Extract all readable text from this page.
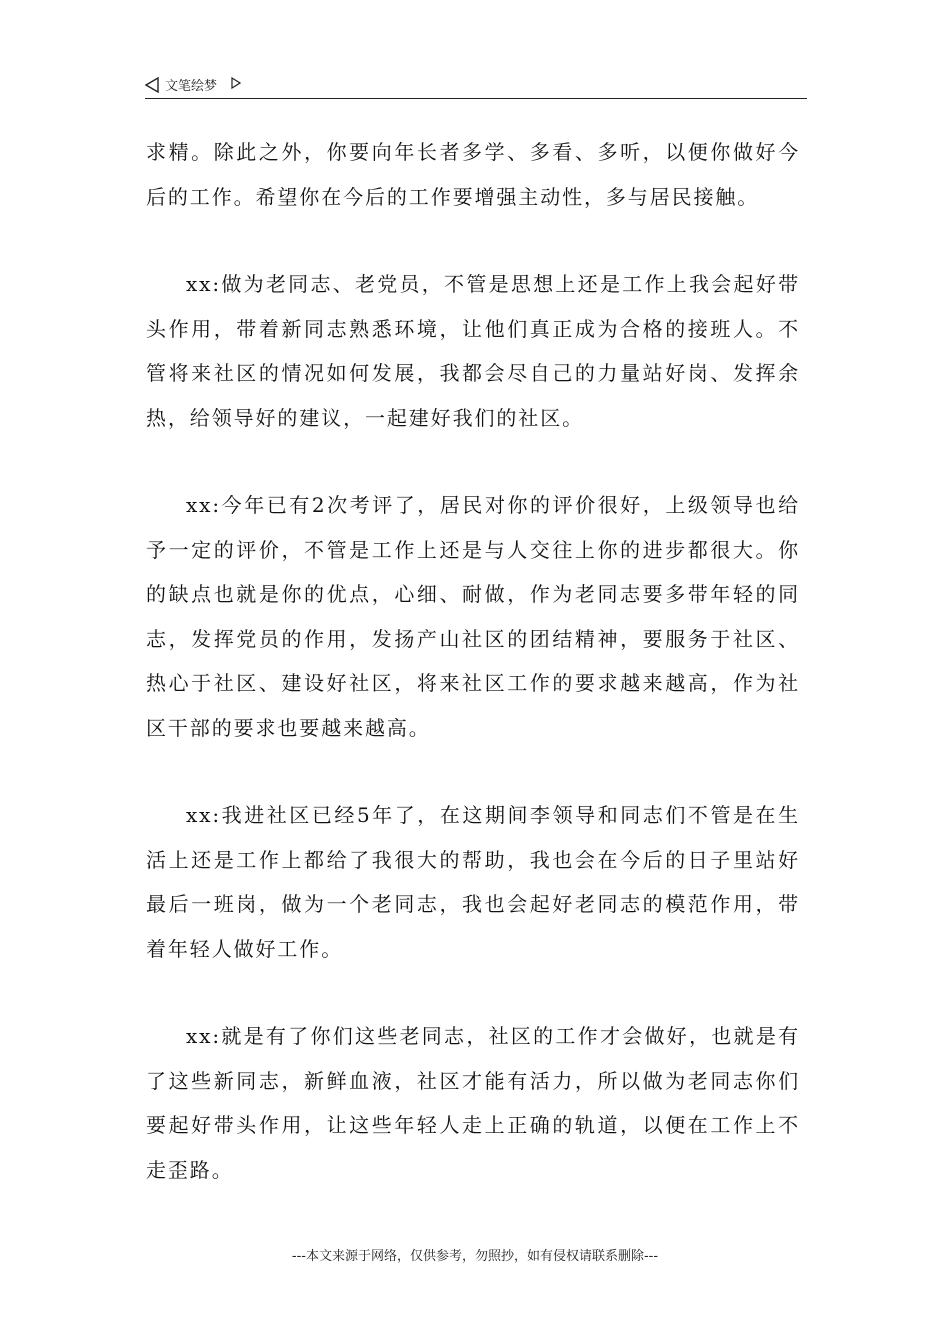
文笔绘梦

求精。除此之外，你要向年长者多学、多看、多听，以便你做好今后的工作。希望你在今后的工作要增强主动性，多与居民接触。

xx:做为老同志、老党员，不管是思想上还是工作上我会起好带头作用，带着新同志熟悉环境，让他们真正成为合格的接班人。不管将来社区的情况如何发展，我都会尽自己的力量站好岗、发挥余热，给领导好的建议，一起建好我们的社区。

xx:今年已有2次考评了，居民对你的评价很好，上级领导也给予一定的评价，不管是工作上还是与人交往上你的进步都很大。你的缺点也就是你的优点，心细、耐做，作为老同志要多带年轻的同志，发挥党员的作用，发扬产山社区的团结精神，要服务于社区、热心于社区、建设好社区，将来社区工作的要求越来越高，作为社区干部的要求也要越来越高。

xx:我进社区已经5年了，在这期间李领导和同志们不管是在生活上还是工作上都给了我很大的帮助，我也会在今后的日子里站好最后一班岗，做为一个老同志，我也会起好老同志的模范作用，带着年轻人做好工作。

xx:就是有了你们这些老同志，社区的工作才会做好，也就是有了这些新同志，新鲜血液，社区才能有活力，所以做为老同志你们要起好带头作用，让这些年轻人走上正确的轨道，以便在工作上不走歪路。

---本文来源于网络，仅供参考，勿照抄，如有侵权请联系删除---
